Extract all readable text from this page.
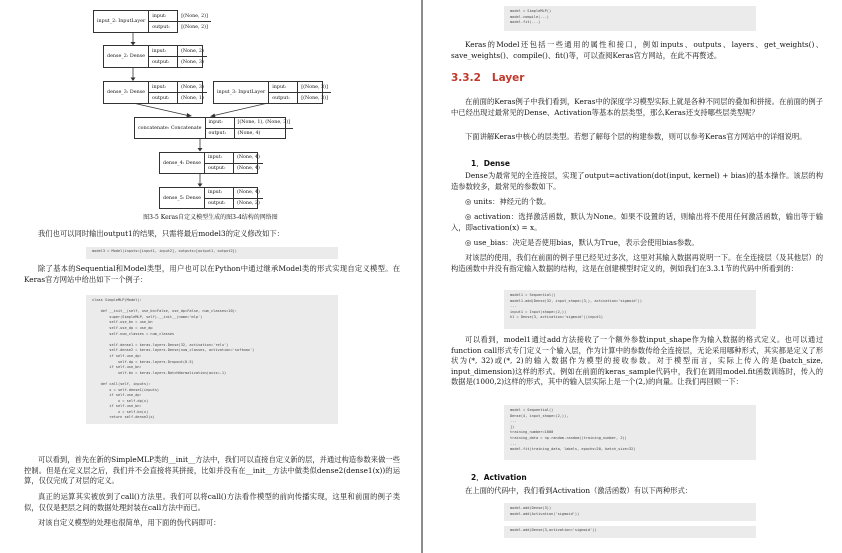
input_2: InputLayer
input:	[(None, 2)]
output:	[(None, 2)]
dense_2: Dense
input:	(None, 2)
output:	(None, 3)
dense_3: Dense
input:	(None, 3)
output:	(None, 1)
input_3: InputLayer
input:	[(None, 3)]
output:	[(None, 3)]
concatenate: Concatenate
input:	[(None, 1), (None, 3)]
output:	(None, 4)
dense_4: Dense
input:	(None, 4)
output:	(None, 4)
dense_5: Dense
input:	(None, 4)
output:	(None, 2)
图3-5 Keras自定义模型生成的图3-4结构的网络图

我们也可以同时输出output1的结果，只需将最后model3的定义修改如下：

model3 = Model(inputs=[input1, input2], outputs=[output1, output2])

除了基本的Sequential和Model类型，用户也可以在Python中通过继承Model类的形式实现自定义模型。在Keras官方网站中给出如下一个例子：

class SimpleMLP(Model):

def __init__(self, use_bn=False, use_dp=False, num_classes=10):
super(SimpleMLP, self).__init__(name='mlp')
self.use_bn = use_bn
self.use_dp = use_dp
self.num_classes = num_classes

self.dense1 = keras.layers.Dense(32, activation='relu')
self.dense2 = keras.layers.Dense(num_classes, activation='softmax')
if self.use_dp:
self.dp = keras.layers.Dropout(0.5)
if self.use_bn:
self.bn = keras.layers.BatchNormalization(axis=-1)

def call(self, inputs):
x = self.dense1(inputs)
if self.use_dp:
x = self.dp(x)
if self.use_bn:
x = self.bn(x)
return self.dense2(x)

可以看到，首先在新的SimpleMLP类的__init__方法中，我们可以直接自定义新的层，并通过构造参数来做一些控制。但是在定义层之后，我们并不会直接将其拼接，比如并没有在__init__方法中做类似dense2(dense1(x))的运算，仅仅完成了对层的定义。

真正的运算其实被放到了call()方法里。我们可以将call()方法看作模型的前向传播实现，这里和前面的例子类似，仅仅是把层之间的数据处理封装在call方法中而已。

对该自定义模型的处理也很简单，用下面的伪代码即可：

model = SimpleMLP()
model.compile(...)
model.fit(...)

Keras的Model还包括一些通用的属性和接口，例如inputs、outputs、layers、get_weights()、save_weights()、compile()、fit()等，可以查阅Keras官方网站，在此不再赘述。

3.3.2 Layer

在前面的Keras例子中我们看到，Keras中的深度学习模型实际上就是各种不同层的叠加和拼接。在前面的例子中已经出现过最常见的Dense、Activation等基本的层类型，那么Keras还支持哪些层类型呢？

下面讲解Keras中核心的层类型。若想了解每个层的构建参数，则可以参考Keras官方网站中的详细说明。

1．Dense

Dense为最常见的全连接层，实现了output=activation(dot(input, kernel) + bias)的基本操作。该层的构造参数较多，最常见的参数如下。

◎ units：神经元的个数。

◎ activation：选择激活函数，默认为None。如果不设置的话，则输出将不使用任何激活函数，输出等于输入，即activation(x) = x。

◎ use_bias：决定是否使用bias，默认为True，表示会使用bias参数。

对该层的使用，我们在前面的例子里已经见过多次，这里对其输入数据再说明一下。在全连接层（及其他层）的构造函数中并没有指定输入数据的结构，这是在创建模型时定义的，例如我们在3.3.1节的代码中所看到的：

model1 = Sequential()
model1.add(Dense(32, input_shape=(3,), activation='sigmoid'))
...
input1 = Input(shape=(2,))
h1 = Dense(3, activation='sigmoid')(input1)

可以看到，model1通过add方法接收了一个额外参数input_shape作为输入数据的格式定义。也可以通过function call形式专门定义一个输入层，作为计算中的参数传给全连接层，无论采用哪种形式，其实都是定义了形状为(*, 32)或(*, 2)的输入数据作为模型的接收参数。对于模型而言，实际上传入的是(batch_size, input_dimension)这样的形式。例如在前面的keras_sample代码中，我们在调用model.fit函数训练时，传入的数据是(1000,2)这样的形式，其中的输入层实际上是一个(2,)的向量。让我们再回顾一下：

model = Sequential()
Dense(4, input_shape=(2,)),
...
])
training_number=1000
training_data = np.random.random((training_number, 2))
...
model.fit(training_data, labels, epochs=20, batch_size=32)
2．Activation

在上面的代码中，我们看到Activation（激活函数）有以下两种形式：

model.add(Dense(3))
model.add(Activation('sigmoid'))
model.add(Dense(3,activation='sigmoid'))
